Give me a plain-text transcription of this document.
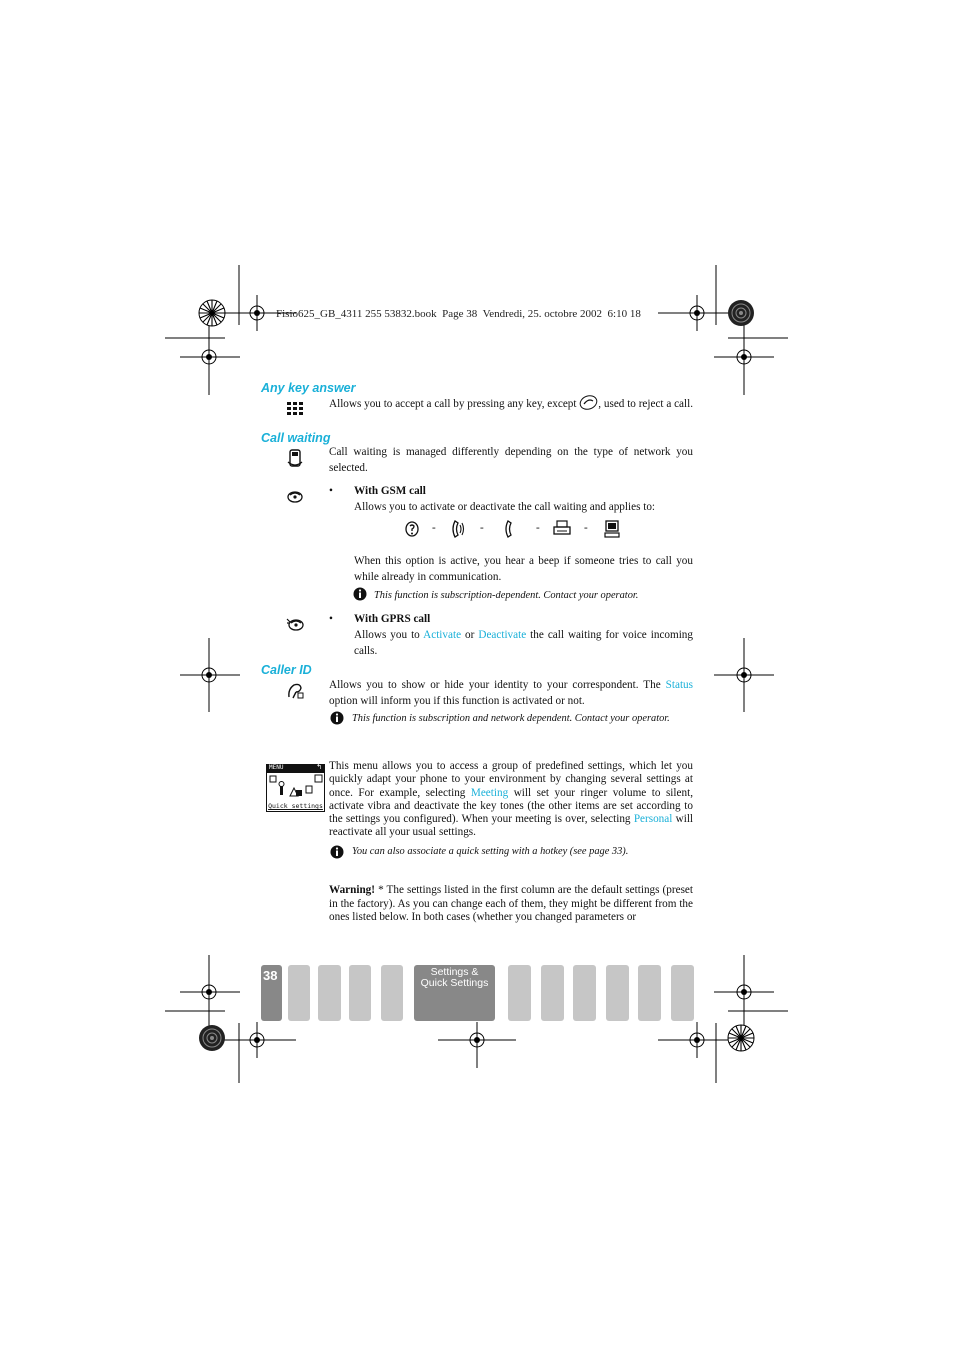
Fisio625_GB_4311 255 53832.book  Page 38  Vendredi, 25. octobre 2002  6:10 18
Any key answer
Allows you to accept a call by pressing any key, except , used to reject a call.
Call waiting
Call waiting is managed differently depending on the type of network you selected.
• With GSM call
Allows you to activate or deactivate the call waiting and applies to:
-	-	-	-
When this option is active, you hear a beep if someone tries to call you while already in communication.
This function is subscription-dependent. Contact your operator.
• With GPRS call
Allows you to Activate or Deactivate the call waiting for voice incoming calls.
Caller ID
Allows you to show or hide your identity to your correspondent. The Status option will inform you if this function is activated or not.
This function is subscription and network dependent. Contact your operator.
MENU	↰
Quick settings
This menu allows you to access a group of predefined settings, which let you quickly adapt your phone to your environment by changing several settings at once. For example, selecting Meeting will set your ringer volume to silent, activate vibra and deactivate the key tones (the other items are set according to the settings you configured). When your meeting is over, selecting Personal will reactivate all your usual settings.
You can also associate a quick setting with a hotkey (see page 33).
Warning! * The settings listed in the first column are the default settings (preset in the factory). As you can change each of them, they might be different from the ones listed below. In both cases (whether you changed parameters or
38	Settings &
Quick Settings
